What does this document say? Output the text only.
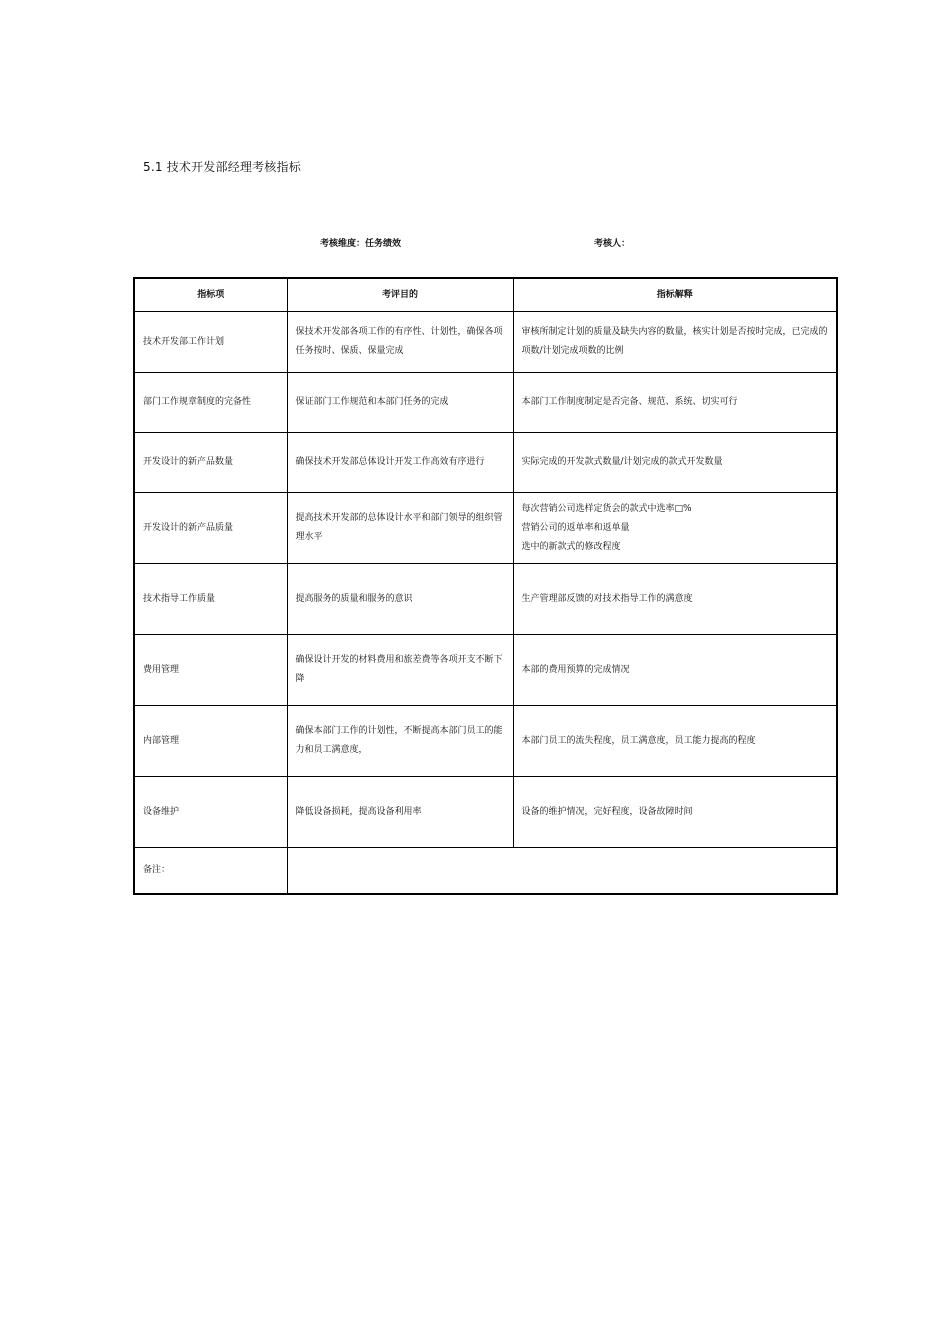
5.1 技术开发部经理考核指标
考核维度：任务绩效	考核人：
指标项	考评目的	指标解释
技术开发部工作计划	保技术开发部各项工作的有序性、计划性，确保各项任务按时、保质、保量完成	审核所制定计划的质量及缺失内容的数量，核实计划是否按时完成，已完成的项数/计划完成项数的比例

部门工作规章制度的完备性	保证部门工作规范和本部门任务的完成	本部门工作制度制定是否完备、规范、系统、切实可行

开发设计的新产品数量	确保技术开发部总体设计开发工作高效有序进行	实际完成的开发款式数量/计划完成的款式开发数量

开发设计的新产品质量	提高技术开发部的总体设计水平和部门领导的组织管理水平	每次营销公司选样定货会的款式中选率□%
营销公司的返单率和返单量
选中的新款式的修改程度

技术指导工作质量	提高服务的质量和服务的意识	生产管理部反馈的对技术指导工作的满意度

费用管理	确保设计开发的材料费用和旅差费等各项开支不断下降	本部的费用预算的完成情况

内部管理	确保本部门工作的计划性，不断提高本部门员工的能力和员工满意度，	本部门员工的流失程度，员工满意度，员工能力提高的程度

设备维护	降低设备损耗，提高设备利用率	设备的维护情况，完好程度，设备故障时间

备注：		
